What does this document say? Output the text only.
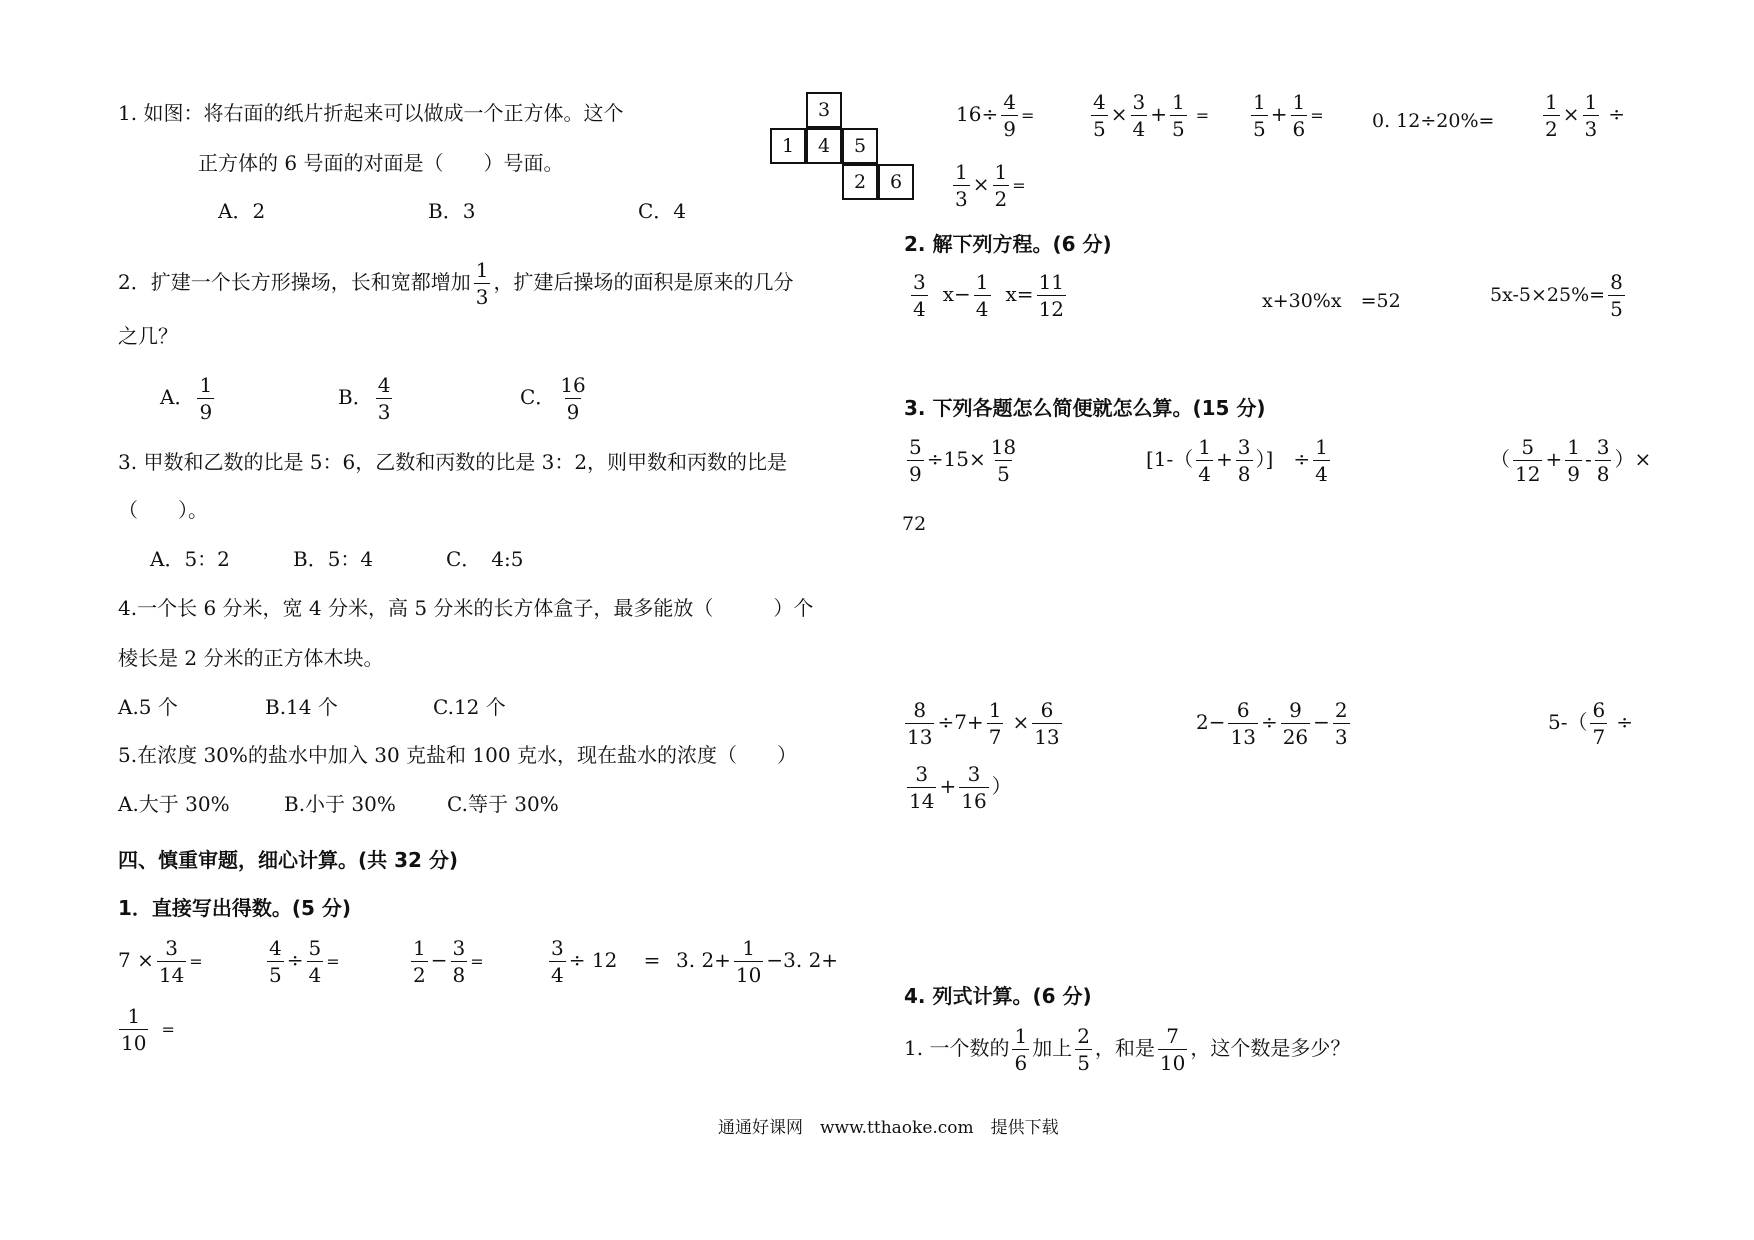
1. 如图：将右面的纸片折起来可以做成一个正方体。这个
正方体的 6 号面的对面是（　　）号面。
A．2	B．3	C．4
3
1	4	5
2	6
2．扩建一个长方形操场，长和宽都增加 $\frac{1}{3}$ ，扩建后操场的面积是原来的几分
之几？
A． $\frac{1}{9}$	B． $\frac{4}{3}$	C． $\frac{16}{9}$
3. 甲数和乙数的比是 5：6，乙数和丙数的比是 3：2，则甲数和丙数的比是
（　　）。
A．5：2	B．5：4	C．　4:5
4.一个长 6 分米，宽 4 分米，高 5 分米的长方体盒子，最多能放（　　　）个
棱长是 2 分米的正方体木块。
A.5 个	B.14 个	C.12 个
5.在浓度 30%的盐水中加入 30 克盐和 100 克水，现在盐水的浓度（　　）
A.大于 30%	B.小于 30%	C.等于 30%
四、慎重审题，细心计算。(共 32 分)
1．直接写出得数。(5 分)
$7 \times \frac{3}{14}$ =	$\frac{4}{5} \div \frac{5}{4}$ =	$\frac{1}{2} - \frac{3}{8}$ =	$\frac{3}{4} \div 12$ 　= 3. $2+ \frac{1}{10} -3$. 2+
$\frac{1}{10}$ =
$16\div \frac{4}{9}$ =	$\frac{4}{5} \times \frac{3}{4} + \frac{1}{5} = \frac{1}{5} + \frac{1}{6}$ =	0. $12\div 20\%= \frac{1}{2} \times \frac{1}{3}$ ÷
$\frac{1}{3} \times \frac{1}{2}$ =
2. 解下列方程。(6 分)
$\frac{3}{4} x- \frac{1}{4} x= \frac{11}{12}$	x+30%x　=52	$5x-5\times 25\%= \frac{8}{5}$
3. 下列各题怎么简便就怎么算。(15 分)
$\frac{5}{9} \div 15\times \frac{18}{5}$	[$1-( \frac{1}{4} + \frac{3}{8}$ ）]　÷ $\frac{1}{4}$	（ $\frac{5}{12} + \frac{1}{9} - \frac{3}{8}$ ）×
72
$\frac{8}{13} \div 7+ \frac{1}{7} \times \frac{6}{13}$	$2- \frac{6}{13} \div \frac{9}{26} - \frac{2}{3}$	$5-( \frac{6}{7}$ ÷
$\frac{3}{14} + \frac{3}{16}$ ）
4. 列式计算。(6 分)
1. 一个数的 $\frac{1}{6}$ 加上 $\frac{2}{5}$ ，和是 $\frac{7}{10}$ ，这个数是多少？
通通好课网　www.tthaoke.com　提供下载
